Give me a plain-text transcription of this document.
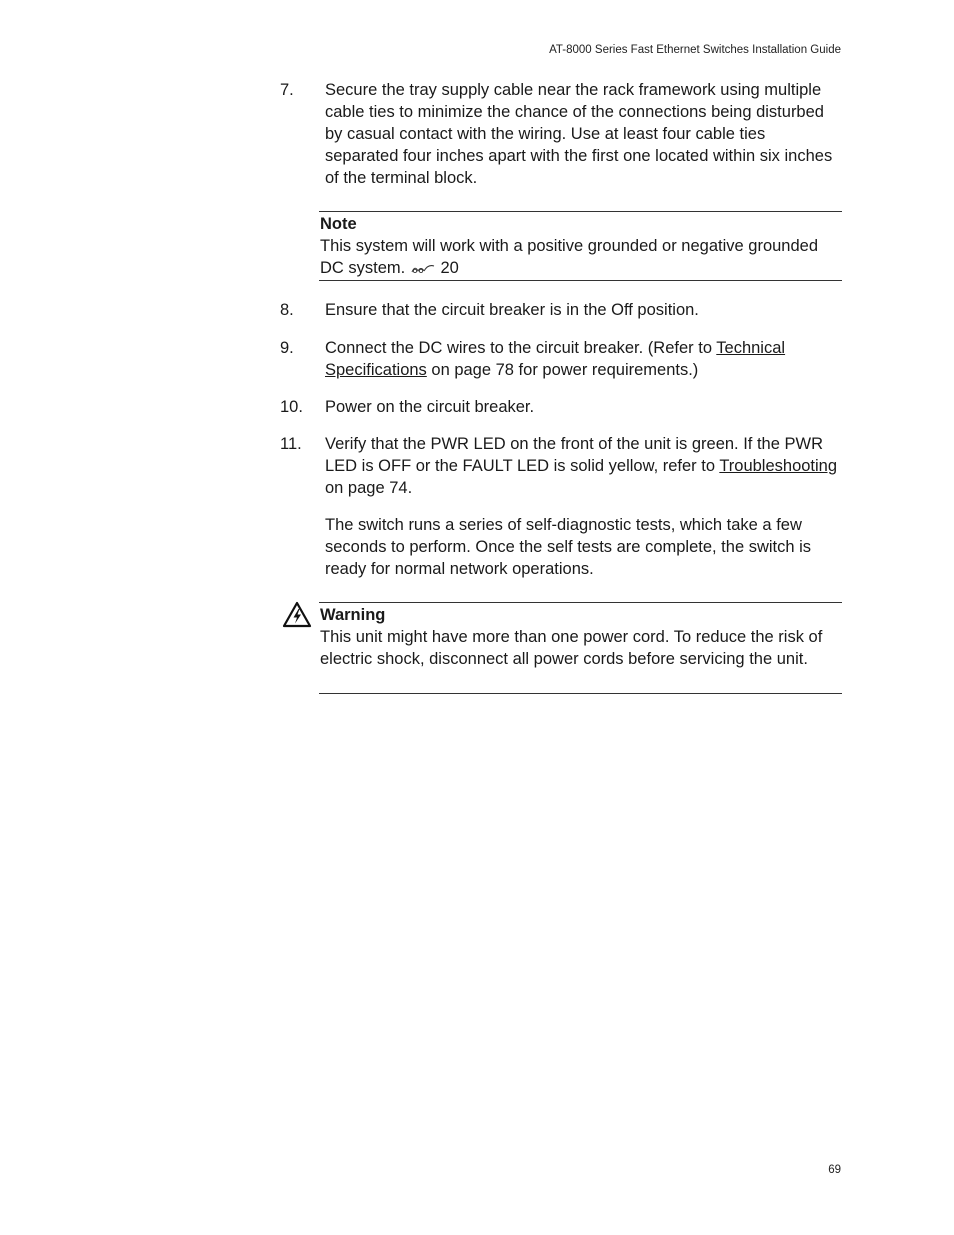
AT-8000 Series Fast Ethernet Switches Installation Guide
7. Secure the tray supply cable near the rack framework using multiple cable ties to minimize the chance of the connections being disturbed by casual contact with the wiring. Use at least four cable ties separated four inches apart with the first one located within six inches of the terminal block.
Note
This system will work with a positive grounded or negative grounded DC system. 20
8. Ensure that the circuit breaker is in the Off position.
9. Connect the DC wires to the circuit breaker. (Refer to Technical Specifications on page 78 for power requirements.)
10. Power on the circuit breaker.
11. Verify that the PWR LED on the front of the unit is green. If the PWR LED is OFF or the FAULT LED is solid yellow, refer to Troubleshooting on page 74.
The switch runs a series of self-diagnostic tests, which take a few seconds to perform. Once the self tests are complete, the switch is ready for normal network operations.
Warning
This unit might have more than one power cord. To reduce the risk of electric shock, disconnect all power cords before servicing the unit.
69
